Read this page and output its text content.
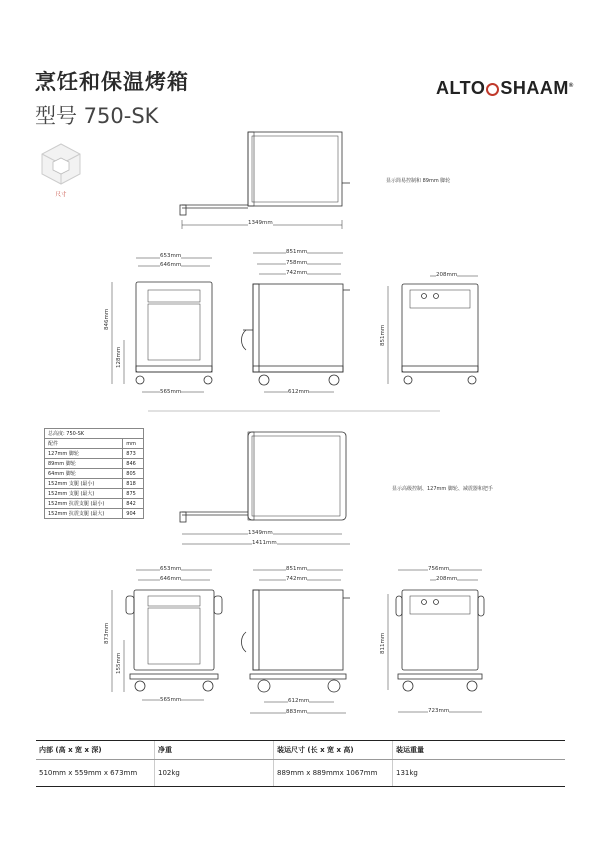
烹饪和保温烤箱
型号 750-SK
ALTO SHAAM®
尺寸
显示简易控制和 89mm 脚轮
显示高级控制、127mm 脚轮、减震器和把手
1349mm
653mm
646mm
846mm
128mm
565mm
851mm
758mm
742mm
612mm
208mm
851mm
总高度: 750-SK	
配件	mm
127mm 脚轮	873
89mm 脚轮	846
64mm 脚轮	805
152mm 支腿 (最小)	818
152mm 支腿 (最大)	875
152mm 抗震支腿 (最小)	842
152mm 抗震支腿 (最大)	904
1349mm
1411mm
653mm
646mm
873mm
155mm
565mm
851mm
742mm
612mm
883mm
756mm
208mm
811mm
723mm
内部 (高 x 宽 x 深)	净重	装运尺寸 (长 x 宽 x 高)	装运重量
510mm x 559mm x 673mm	102kg	889mm x 889mmx 1067mm	131kg
